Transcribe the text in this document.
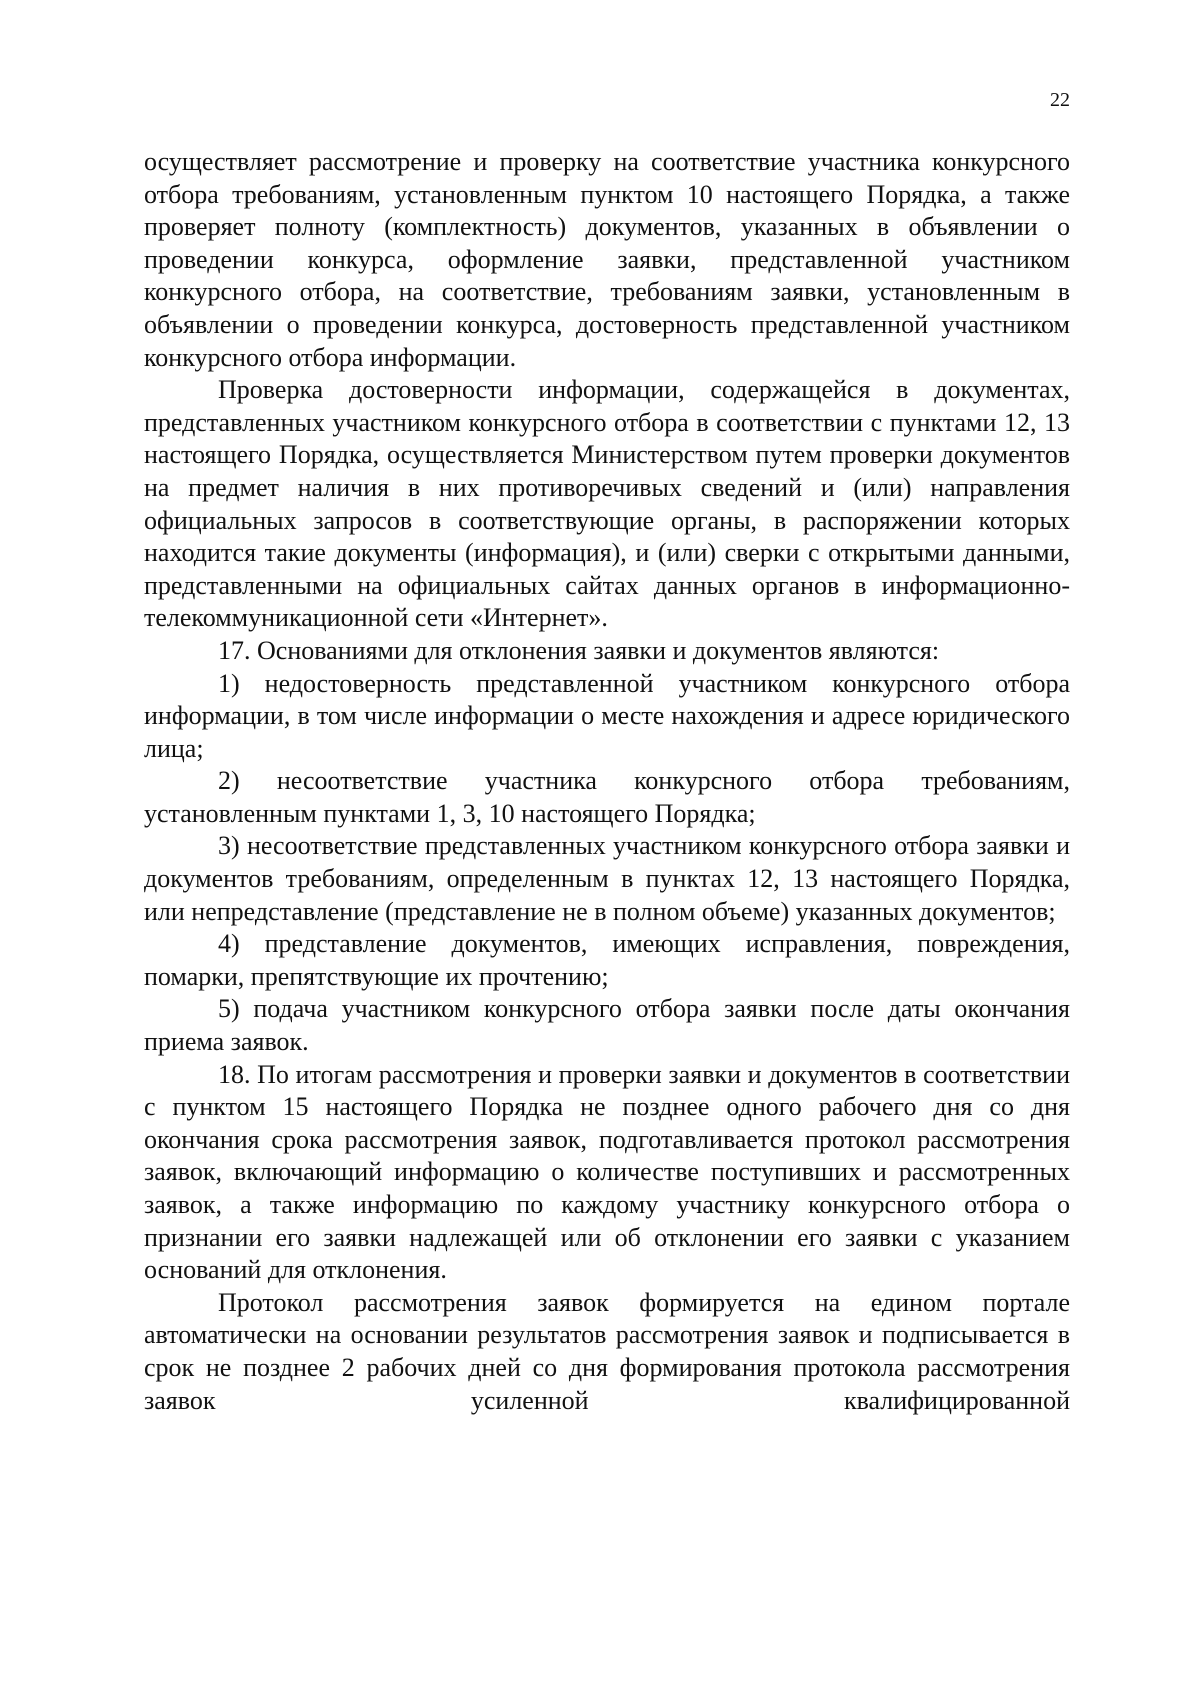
22

осуществляет рассмотрение и проверку на соответствие участника конкурсного отбора требованиям, установленным пунктом 10 настоящего Порядка, а также проверяет полноту (комплектность) документов, указанных в объявлении о проведении конкурса, оформление заявки, представленной участником конкурсного отбора, на соответствие, требованиям заявки, установленным в объявлении о проведении конкурса, достоверность представленной участником конкурсного отбора информации.

Проверка достоверности информации, содержащейся в документах, представленных участником конкурсного отбора в соответствии с пунктами 12, 13 настоящего Порядка, осуществляется Министерством путем проверки документов на предмет наличия в них противоречивых сведений и (или) направления официальных запросов в соответствующие органы, в распоряжении которых находится такие документы (информация), и (или) сверки с открытыми данными, представленными на официальных сайтах данных органов в информационно-телекоммуникационной сети «Интернет».

17. Основаниями для отклонения заявки и документов являются:

1) недостоверность представленной участником конкурсного отбора информации, в том числе информации о месте нахождения и адресе юридического лица;

2) несоответствие участника конкурсного отбора требованиям, установленным пунктами 1, 3, 10 настоящего Порядка;

3) несоответствие представленных участником конкурсного отбора заявки и документов требованиям, определенным в пунктах 12, 13 настоящего Порядка, или непредставление (представление не в полном объеме) указанных документов;

4) представление документов, имеющих исправления, повреждения, помарки, препятствующие их прочтению;

5) подача участником конкурсного отбора заявки после даты окончания приема заявок.

18. По итогам рассмотрения и проверки заявки и документов в соответствии с пунктом 15 настоящего Порядка не позднее одного рабочего дня со дня окончания срока рассмотрения заявок, подготавливается протокол рассмотрения заявок, включающий информацию о количестве поступивших и рассмотренных заявок, а также информацию по каждому участнику конкурсного отбора о признании его заявки надлежащей или об отклонении его заявки с указанием оснований для отклонения.

Протокол рассмотрения заявок формируется на едином портале автоматически на основании результатов рассмотрения заявок и подписывается в срок не позднее 2 рабочих дней со дня формирования протокола рассмотрения заявок усиленной квалифицированной
